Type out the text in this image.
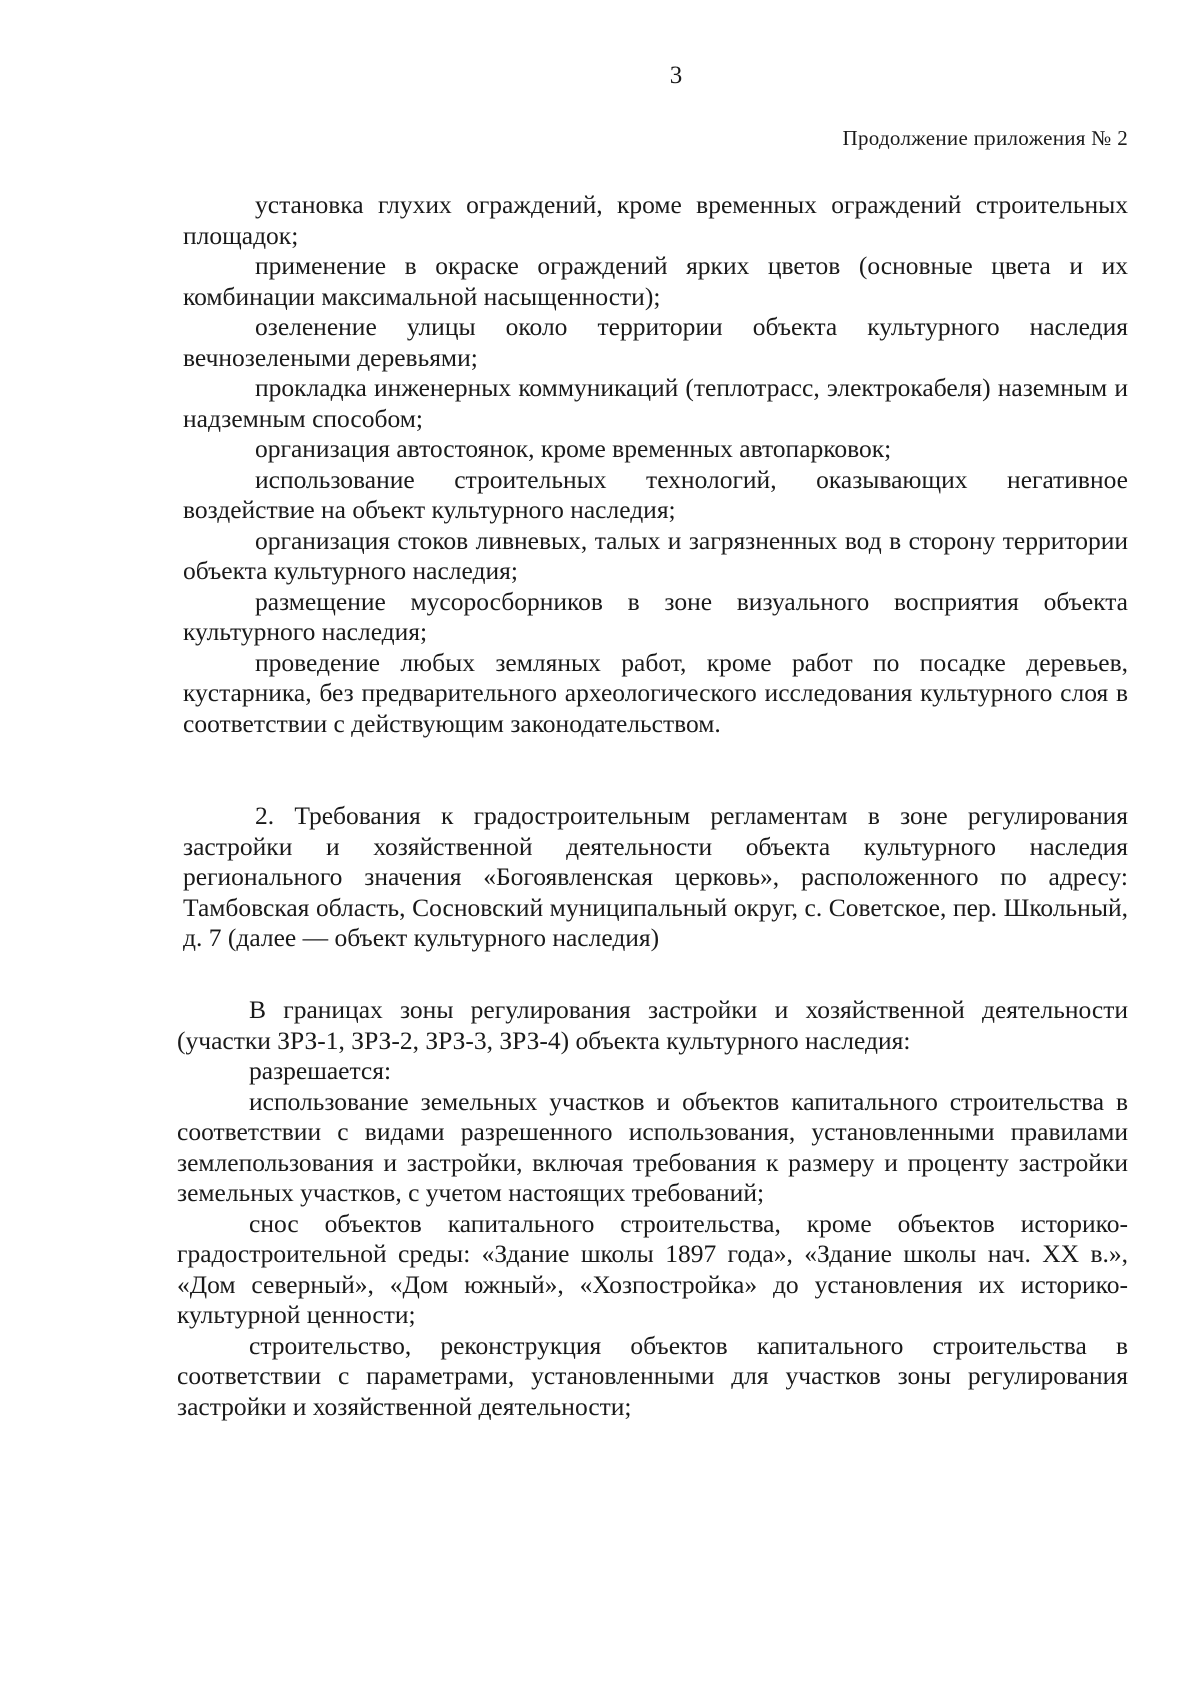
3
Продолжение приложения № 2

установка глухих ограждений, кроме временных ограждений строительных площадок;

применение в окраске ограждений ярких цветов (основные цвета и их комбинации максимальной насыщенности);

озеленение улицы около территории объекта культурного наследия вечнозелеными деревьями;

прокладка инженерных коммуникаций (теплотрасс, электрокабеля) наземным и надземным способом;

организация автостоянок, кроме временных автопарковок;

использование строительных технологий, оказывающих негативное воздействие на объект культурного наследия;

организация стоков ливневых, талых и загрязненных вод в сторону территории объекта культурного наследия;

размещение мусоросборников в зоне визуального восприятия объекта культурного наследия;

проведение любых земляных работ, кроме работ по посадке деревьев, кустарника, без предварительного археологического исследования культурного слоя в соответствии с действующим законодательством.

2. Требования к градостроительным регламентам в зоне регулирования застройки и хозяйственной деятельности объекта культурного наследия регионального значения «Богоявленская церковь», расположенного по адресу: Тамбовская область, Сосновский муниципальный округ, с. Советское, пер. Школьный, д. 7 (далее — объект культурного наследия)

В границах зоны регулирования застройки и хозяйственной деятельности (участки ЗРЗ-1, ЗРЗ-2, ЗРЗ-3, ЗРЗ-4) объекта культурного наследия:

разрешается:

использование земельных участков и объектов капитального строительства в соответствии с видами разрешенного использования, установленными правилами землепользования и застройки, включая требования к размеру и проценту застройки земельных участков, с учетом настоящих требований;

снос объектов капитального строительства, кроме объектов историко-градостроительной среды: «Здание школы 1897 года», «Здание школы нач. XX в.», «Дом северный», «Дом южный», «Хозпостройка» до установления их историко-культурной ценности;

строительство, реконструкция объектов капитального строительства в соответствии с параметрами, установленными для участков зоны регулирования застройки и хозяйственной деятельности;
